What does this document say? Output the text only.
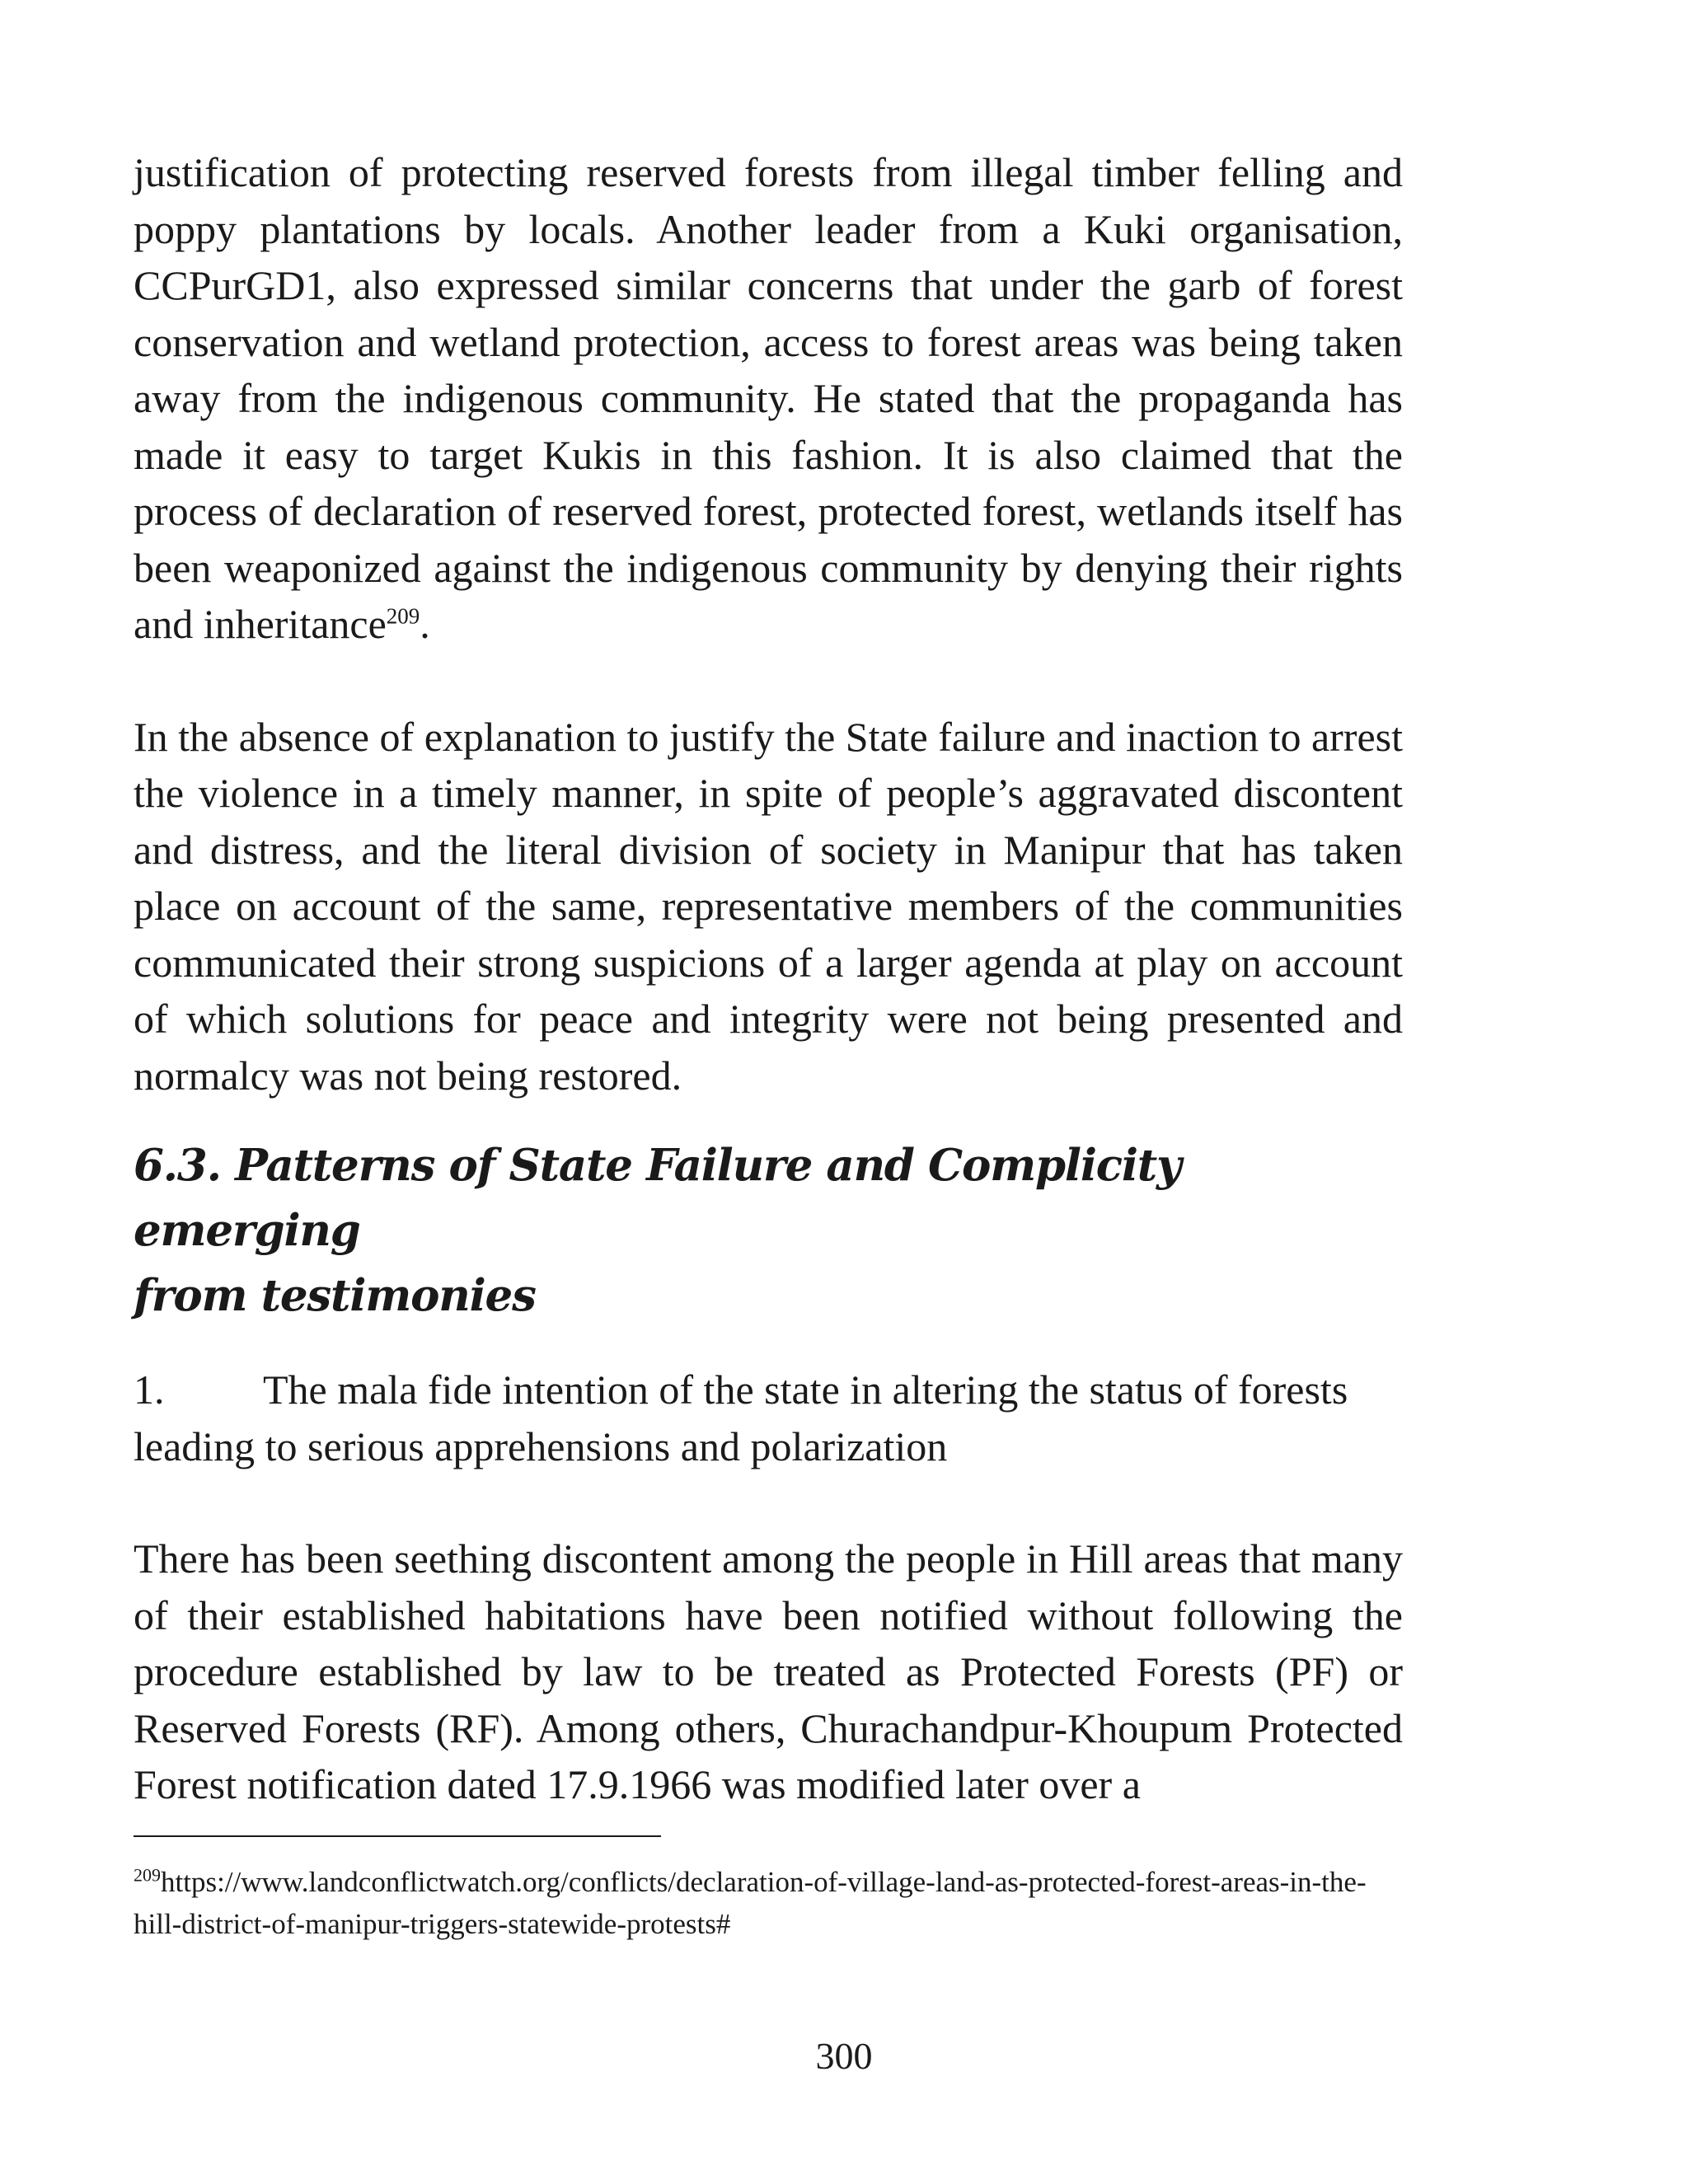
justification of protecting reserved forests from illegal timber felling and poppy plantations by locals. Another leader from a Kuki organisation, CCPurGD1, also expressed similar concerns that under the garb of forest conservation and wetland protection, access to forest areas was being taken away from the indigenous community. He stated that the propaganda has made it easy to target Kukis in this fashion. It is also claimed that the process of declaration of reserved forest, protected forest, wetlands itself has been weaponized against the indigenous community by denying their rights and inheritance$^{209}$.

In the absence of explanation to justify the State failure and inaction to arrest the violence in a timely manner, in spite of people’s aggravated discontent and distress, and the literal division of society in Manipur that has taken place on account of the same, representative members of the communities communicated their strong suspicions of a larger agenda at play on account of which solutions for peace and integrity were not being presented and normalcy was not being restored.

6.3. Patterns of State Failure and Complicity emerging
from testimonies
1. The mala fide intention of the state in altering the status of forests
leading to serious apprehensions and polarization

There has been seething discontent among the people in Hill areas that many of their established habitations have been notified without following the procedure established by law to be treated as Protected Forests (PF) or Reserved Forests (RF). Among others, Churachandpur-Khoupum Protected Forest notification dated 17.9.1966 was modified later over a

$^{209}$https://www.landconflictwatch.org/conflicts/declaration-of-village-land-as-protected-forest-areas-in-the-hill-district-of-manipur-triggers-statewide-protests#
300
